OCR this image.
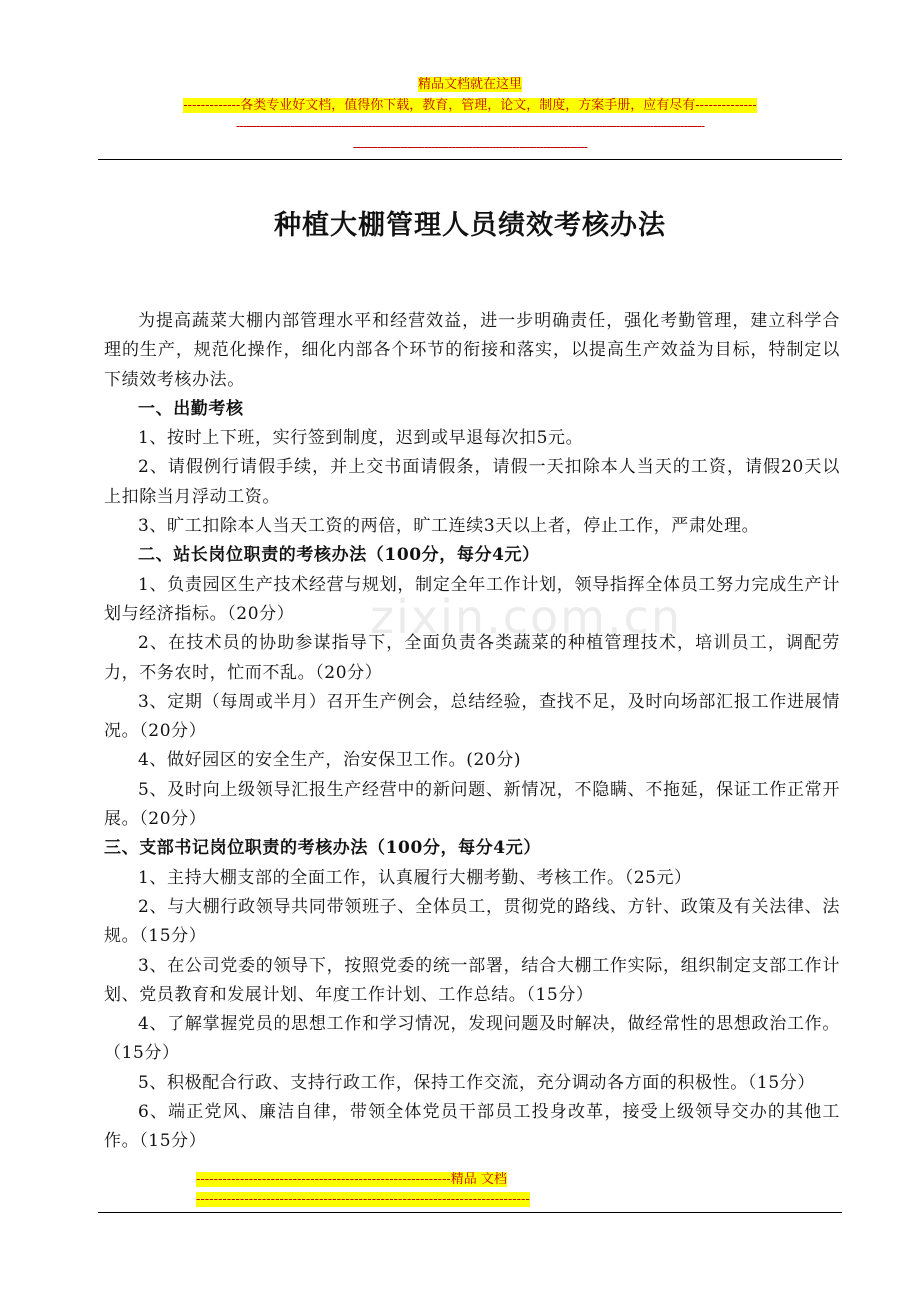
精品文档就在这里
-------------各类专业好文档，值得你下载，教育，管理，论文，制度，方案手册，应有尽有--------------
------------------------------------------------------------------------------------------------------------------------------------------
---------------------------------------------------------------------
种植大棚管理人员绩效考核办法
zixin.com.cn

为提高蔬菜大棚内部管理水平和经营效益，进一步明确责任，强化考勤管理，建立科学合理的生产，规范化操作，细化内部各个环节的衔接和落实，以提高生产效益为目标，特制定以下绩效考核办法。

一、出勤考核

1、按时上下班，实行签到制度，迟到或早退每次扣5元。

2、请假例行请假手续，并上交书面请假条，请假一天扣除本人当天的工资，请假20天以上扣除当月浮动工资。

3、旷工扣除本人当天工资的两倍，旷工连续3天以上者，停止工作，严肃处理。

二、站长岗位职责的考核办法（100分，每分4元）

1、负责园区生产技术经营与规划，制定全年工作计划，领导指挥全体员工努力完成生产计划与经济指标。（20分）

2、在技术员的协助参谋指导下，全面负责各类蔬菜的种植管理技术，培训员工，调配劳力，不务农时，忙而不乱。（20分）

3、定期（每周或半月）召开生产例会，总结经验，查找不足，及时向场部汇报工作进展情况。（20分）

4、做好园区的安全生产，治安保卫工作。(20分)

5、及时向上级领导汇报生产经营中的新问题、新情况，不隐瞒、不拖延，保证工作正常开展。（20分）

三、支部书记岗位职责的考核办法（100分，每分4元）

1、主持大棚支部的全面工作，认真履行大棚考勤、考核工作。（25元）

2、与大棚行政领导共同带领班子、全体员工，贯彻党的路线、方针、政策及有关法律、法规。（15分）

3、在公司党委的领导下，按照党委的统一部署，结合大棚工作实际，组织制定支部工作计划、党员教育和发展计划、年度工作计划、工作总结。（15分）

4、了解掌握党员的思想工作和学习情况，发现问题及时解决，做经常性的思想政治工作。（15分）

5、积极配合行政、支持行政工作，保持工作交流，充分调动各方面的积极性。（15分）

6、端正党风、廉洁自律，带领全体党员干部员工投身改革，接受上级领导交办的其他工作。（15分）

----------------------------------------------------------精品 文档
----------------------------------------------------------------------------
